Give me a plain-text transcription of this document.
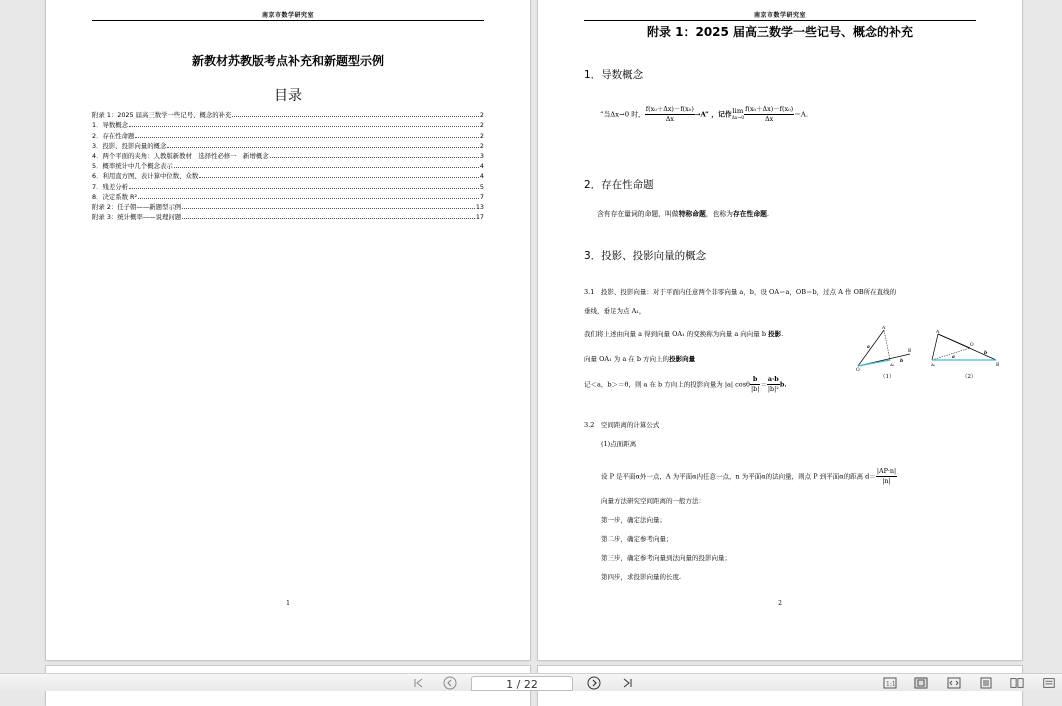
南京市数学研究室
新教材苏教版考点补充和新题型示例
目录
附录 1：2025 届高三数学一些记号、概念的补充	2
1．导数概念	2
2．存在性命题	2
3．投影、投影向量的概念	2
4．两个平面的夹角：人教版新教材　选择性必修一　新增概念	3
5．概率统计中几个概念表示	4
6．利用直方图、表计算中位数、众数	4
7．残差分析	5
8．决定系数 R²	7
附录 2：任子朝——新题型示例	13
附录 3：统计概率——说理问题	17
1
南京市数学研究室
附录 1：2025 届高三数学一些记号、概念的补充
1．导数概念
“当Δx→0 时， $\frac{\text{f(x₀＋Δx)－f(x₀)}}{\Delta x} \to A$” ，记作 lim
$\Delta x\to 0 \frac{\text{f(x₀＋Δx)－f(x₀)}}{\Delta x} =A$.
2．存在性命题
含有存在量词的命题，叫做特称命题，也称为存在性命题.
3．投影、投影向量的概念
3.1　投影、投影向量：对于平面内任意两个非零向量 a，b，设 OA＝a，OB＝b，过点 A 作 OB所在直线的
垂线，垂足为点 A₁，
我们将上述由向量 a 得到向量 OA₁ 的变换称为向量 a 向向量 b 投影.
向量 OA₁ 为 a 在 b 方向上的投影向量
记＜a，b＞＝θ，则 a 在 b 方向上的投影向量为 |a| cosθ $\frac{b}{|b|} = \frac{a\cdot b}{\text{|b|²}} b$.
A
O
B
A₁
a
b
（1）
A
O
B
A₁
a
b
（2）
3.2　空间距离的计算公式
(1)点面距离
设 P 是平面α外一点，A 为平面α内任意一点，n 为平面α的法向量，则点 P 到平面α的距离 $d= \frac{|AP\cdot n|}{|n|}$
向量方法研究空间距离的一般方法：
第一步，确定法向量；
第二步，确定参考向量；
第三步，确定参考向量到法向量的投影向量；
第四步，求投影向量的长度.
2
1 / 22	1:1
